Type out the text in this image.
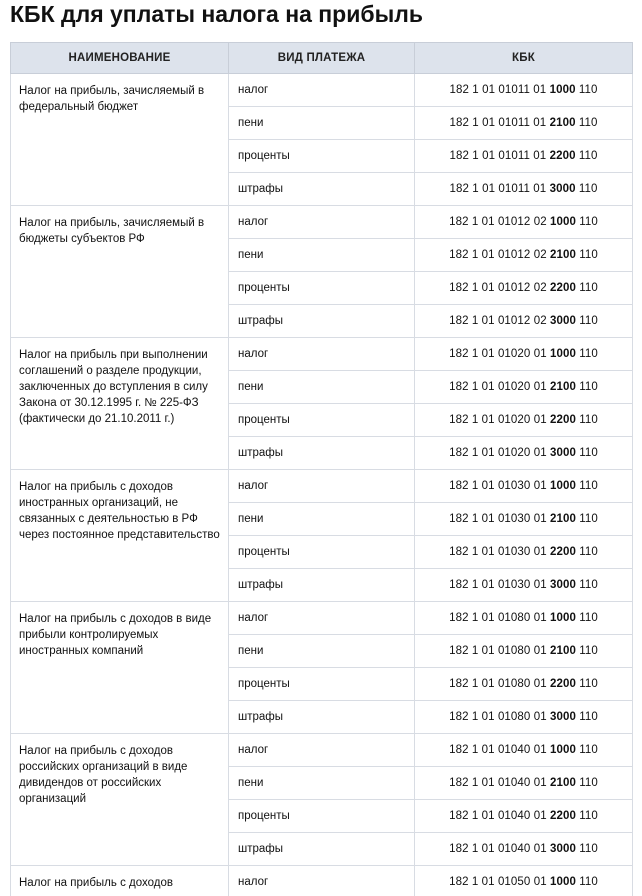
КБК для уплаты налога на прибыль
НАИМЕНОВАНИЕ	ВИД ПЛАТЕЖА	КБК
Налог на прибыль, зачисляемый в федеральный бюджет	налог	182 1 01 01011 01 1000 110
	пени	182 1 01 01011 01 2100 110
	проценты	182 1 01 01011 01 2200 110
	штрафы	182 1 01 01011 01 3000 110
Налог на прибыль, зачисляемый в бюджеты субъектов РФ	налог	182 1 01 01012 02 1000 110
	пени	182 1 01 01012 02 2100 110
	проценты	182 1 01 01012 02 2200 110
	штрафы	182 1 01 01012 02 3000 110
Налог на прибыль при выполнении соглашений о разделе продукции, заключенных до вступления в силу Закона от 30.12.1995 г. № 225-ФЗ (фактически до 21.10.2011 г.)	налог	182 1 01 01020 01 1000 110
	пени	182 1 01 01020 01 2100 110
	проценты	182 1 01 01020 01 2200 110
	штрафы	182 1 01 01020 01 3000 110
Налог на прибыль с доходов иностранных организаций, не связанных с деятельностью в РФ через постоянное представительство	налог	182 1 01 01030 01 1000 110
	пени	182 1 01 01030 01 2100 110
	проценты	182 1 01 01030 01 2200 110
	штрафы	182 1 01 01030 01 3000 110
Налог на прибыль с доходов в виде прибыли контролируемых иностранных компаний	налог	182 1 01 01080 01 1000 110
	пени	182 1 01 01080 01 2100 110
	проценты	182 1 01 01080 01 2200 110
	штрафы	182 1 01 01080 01 3000 110
Налог на прибыль с доходов российских организаций в виде дивидендов от российских организаций	налог	182 1 01 01040 01 1000 110
	пени	182 1 01 01040 01 2100 110
	проценты	182 1 01 01040 01 2200 110
	штрафы	182 1 01 01040 01 3000 110
Налог на прибыль с доходов	налог	182 1 01 01050 01 1000 110
